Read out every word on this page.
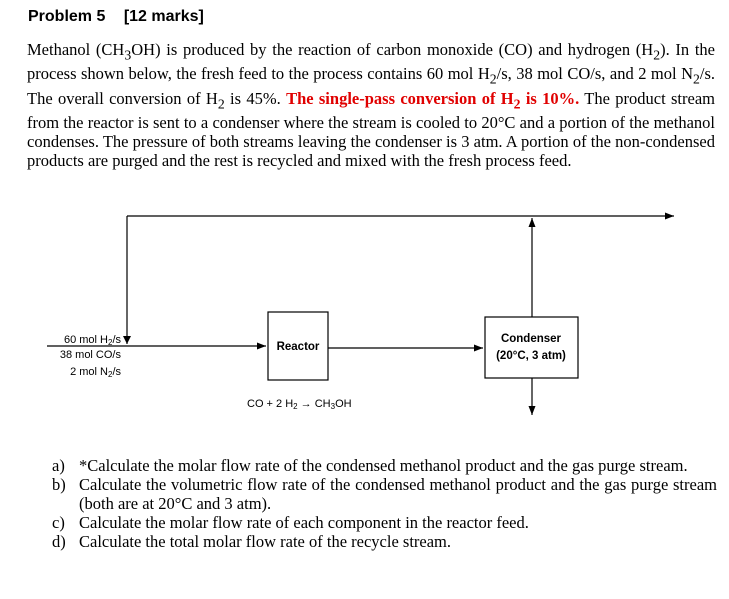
Problem 5 [12 marks]
Methanol $(CH_3OH)$ is produced by the reaction of carbon monoxide (CO) and hydrogen $(H_2)$. In the process shown below, the fresh feed to the process contains 60 mol $H_2/s$, 38 mol CO/s, and 2 mol $N_2/s$. The overall conversion of $H_2$ is 45%. The single-pass conversion of $H_2$ is 10%. The product stream from the reactor is sent to a condenser where the stream is cooled to 20°C and a portion of the methanol condenses. The pressure of both streams leaving the condenser is 3 atm. A portion of the non-condensed products are purged and the rest is recycled and mixed with the fresh process feed.
Reactor
Condenser
(20°C, 3 atm)
60 mol H2/s
38 mol CO/s
2 mol N2/s
CO + 2 H2 → CH3OH
a) *Calculate the molar flow rate of the condensed methanol product and the gas purge stream.
b) Calculate the volumetric flow rate of the condensed methanol product and the gas purge stream (both are at 20°C and 3 atm).
c) Calculate the molar flow rate of each component in the reactor feed.
d) Calculate the total molar flow rate of the recycle stream.
